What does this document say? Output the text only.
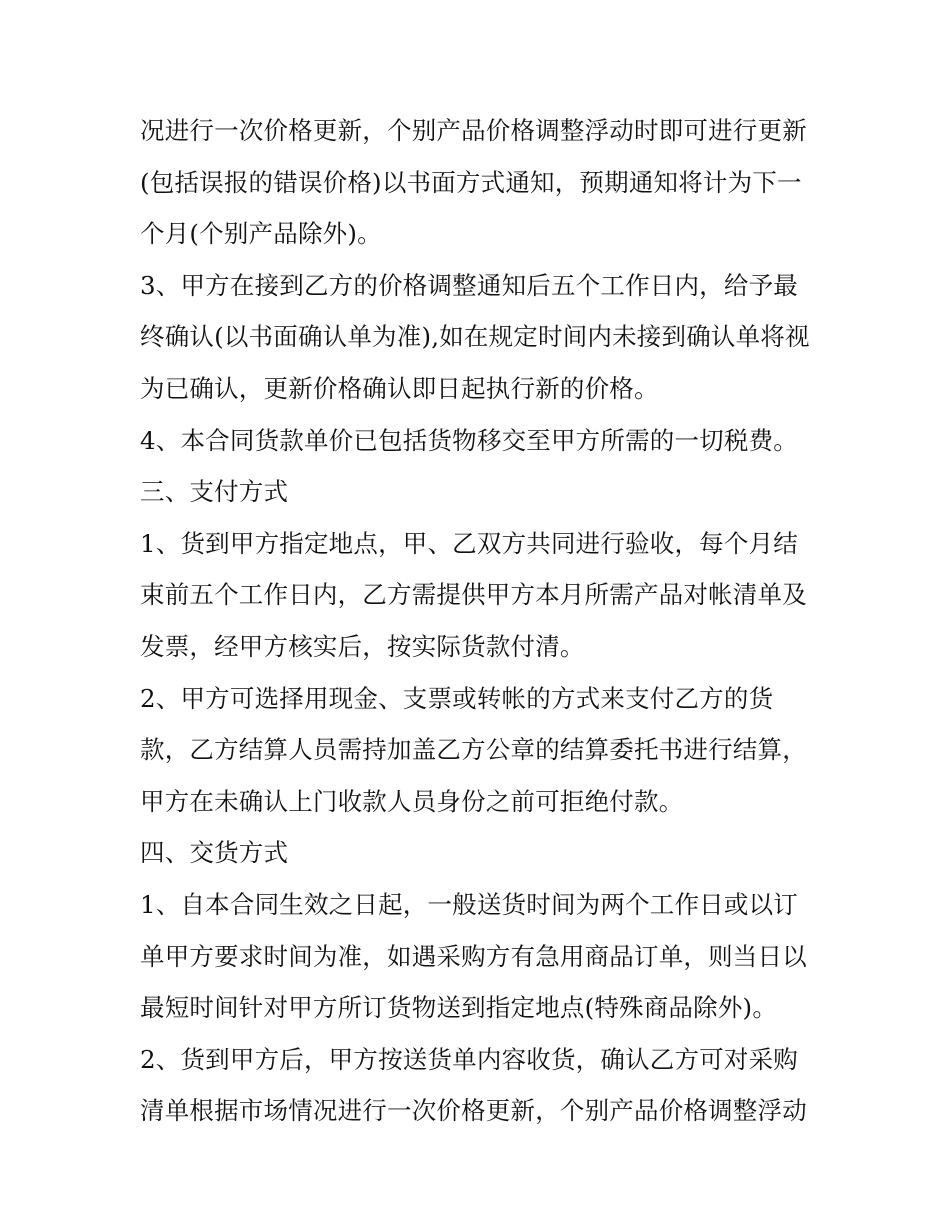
况进行一次价格更新，个别产品价格调整浮动时即可进行更新
(包括误报的错误价格)以书面方式通知，预期通知将计为下一
个月(个别产品除外)。
3、甲方在接到乙方的价格调整通知后五个工作日内，给予最
终确认(以书面确认单为准),如在规定时间内未接到确认单将视
为已确认，更新价格确认即日起执行新的价格。
4、本合同货款单价已包括货物移交至甲方所需的一切税费。
三、支付方式
1、货到甲方指定地点，甲、乙双方共同进行验收，每个月结
束前五个工作日内，乙方需提供甲方本月所需产品对帐清单及
发票，经甲方核实后，按实际货款付清。
2、甲方可选择用现金、支票或转帐的方式来支付乙方的货
款，乙方结算人员需持加盖乙方公章的结算委托书进行结算，
甲方在未确认上门收款人员身份之前可拒绝付款。
四、交货方式
1、自本合同生效之日起，一般送货时间为两个工作日或以订
单甲方要求时间为准，如遇采购方有急用商品订单，则当日以
最短时间针对甲方所订货物送到指定地点(特殊商品除外)。
2、货到甲方后，甲方按送货单内容收货，确认乙方可对采购
清单根据市场情况进行一次价格更新，个别产品价格调整浮动
